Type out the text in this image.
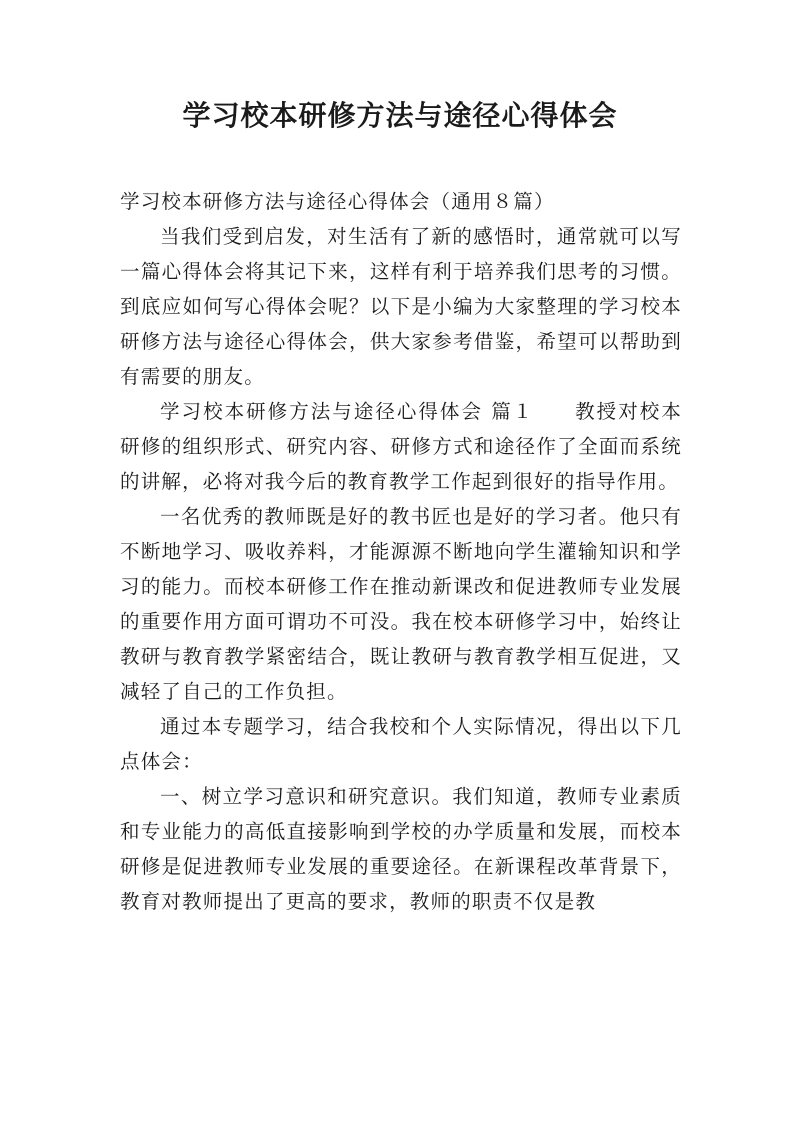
学习校本研修方法与途径心得体会

学习校本研修方法与途径心得体会（通用８篇）

当我们受到启发，对生活有了新的感悟时，通常就可以写一篇心得体会将其记下来，这样有利于培养我们思考的习惯。到底应如何写心得体会呢？以下是小编为大家整理的学习校本研修方法与途径心得体会，供大家参考借鉴，希望可以帮助到有需要的朋友。

学习校本研修方法与途径心得体会 篇１ 教授对校本研修的组织形式、研究内容、研修方式和途径作了全面而系统的讲解，必将对我今后的教育教学工作起到很好的指导作用。

一名优秀的教师既是好的教书匠也是好的学习者。他只有不断地学习、吸收养料，才能源源不断地向学生灌输知识和学习的能力。而校本研修工作在推动新课改和促进教师专业发展的重要作用方面可谓功不可没。我在校本研修学习中，始终让教研与教育教学紧密结合，既让教研与教育教学相互促进，又减轻了自己的工作负担。

通过本专题学习，结合我校和个人实际情况，得出以下几点体会：

一、树立学习意识和研究意识。我们知道，教师专业素质和专业能力的高低直接影响到学校的办学质量和发展，而校本研修是促进教师专业发展的重要途径。在新课程改革背景下，教育对教师提出了更高的要求，教师的职责不仅是教
